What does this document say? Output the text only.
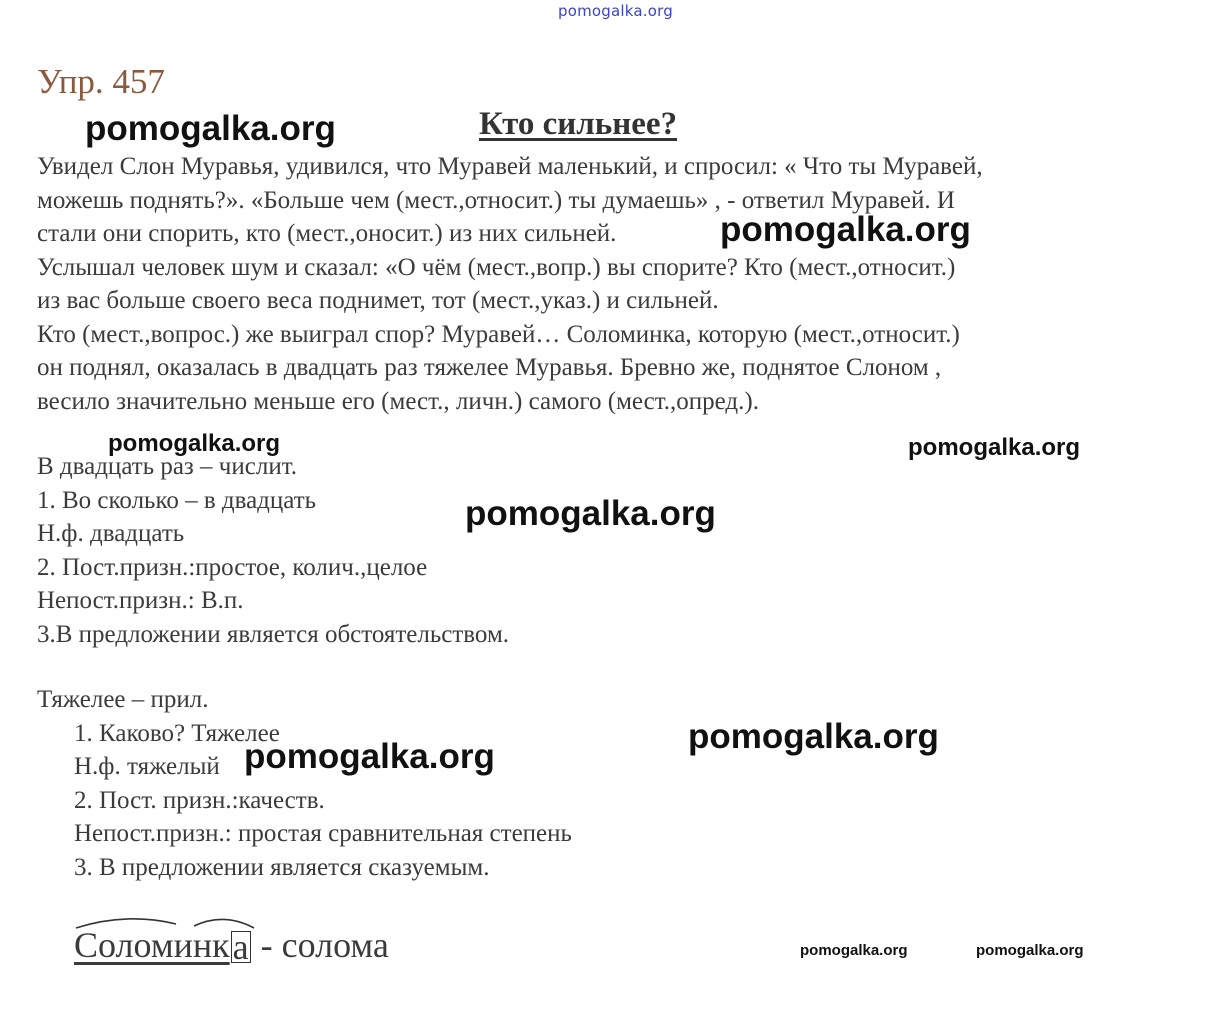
pomogalka.org
Упр. 457
Кто сильнее?
Увидел Слон Муравья, удивился, что Муравей маленький, и спросил: « Что ты Муравей,
можешь поднять?». «Больше чем (мест.,относит.) ты думаешь» , - ответил Муравей. И
стали они спорить, кто (мест.,оносит.) из них сильней.
Услышал человек шум и сказал: «О чём (мест.,вопр.) вы спорите? Кто (мест.,относит.)
из вас больше своего веса поднимет, тот (мест.,указ.) и сильней.
Кто (мест.,вопрос.) же выиграл спор? Муравей… Соломинка, которую (мест.,относит.)
он поднял, оказалась в двадцать раз тяжелее Муравья. Бревно же, поднятое Слоном ,
весило значительно меньше его (мест., личн.) самого (мест.,опред.).
В двадцать раз – числит.
1. Во сколько – в двадцать
Н.ф. двадцать
2. Пост.призн.:простое, колич.,целое
Непост.призн.: В.п.
3.В предложении является обстоятельством.
Тяжелее – прил.
1. Каково? Тяжелее
Н.ф. тяжелый
2. Пост. призн.:качеств.
Непост.призн.: простая сравнительная степень
3. В предложении является сказуемым.
Соломинка - солома
pomogalka.org
pomogalka.org
pomogalka.org	pomogalka.org
pomogalka.org
pomogalka.org
pomogalka.org
pomogalka.org	pomogalka.org
